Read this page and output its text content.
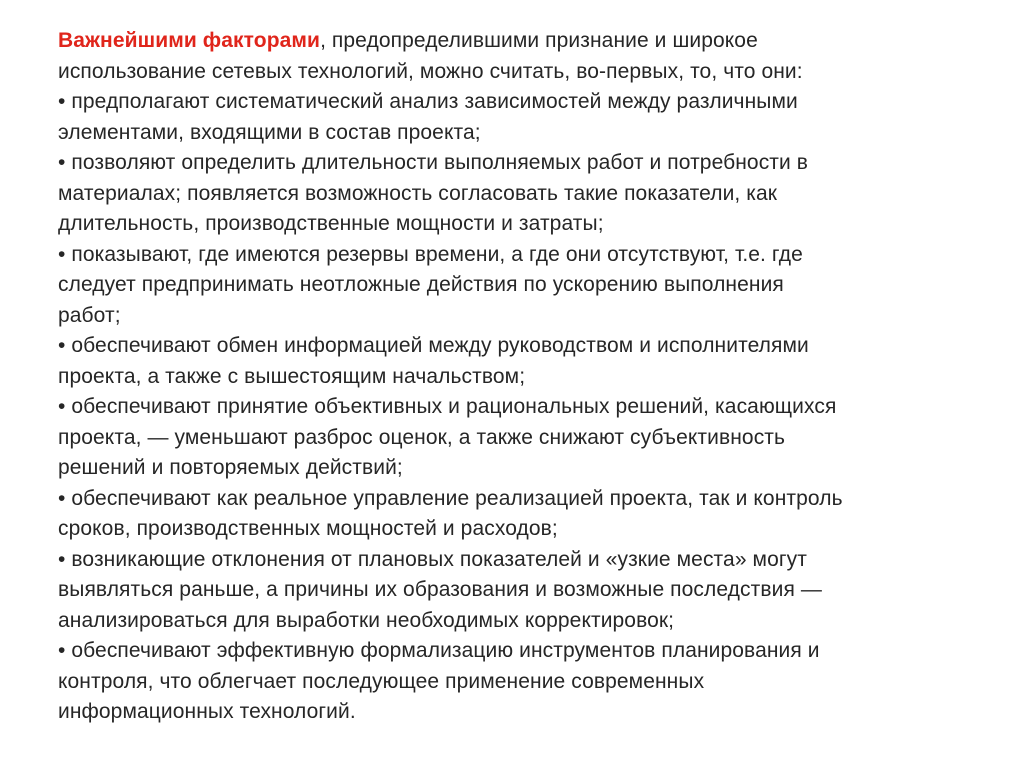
Важнейшими факторами, предопределившими признание и широкое
использование сетевых технологий, можно считать, во-первых, то, что они:
• предполагают систематический анализ зависимостей между различными
элементами, входящими в состав проекта;
• позволяют определить длительности выполняемых работ и потребности в
материалах; появляется возможность согласовать такие показатели, как
длительность, производственные мощности и затраты;
• показывают, где имеются резервы времени, а где они отсутствуют, т.е. где
следует предпринимать неотложные действия по ускорению выполнения
работ;
• обеспечивают обмен информацией между руководством и исполнителями
проекта, а также с вышестоящим начальством;
• обеспечивают принятие объективных и рациональных решений, касающихся
проекта, — уменьшают разброс оценок, а также снижают субъективность
решений и повторяемых действий;
• обеспечивают как реальное управление реализацией проекта, так и контроль
сроков, производственных мощностей и расходов;
• возникающие отклонения от плановых показателей и «узкие места» могут
выявляться раньше, а причины их образования и возможные последствия —
анализироваться для выработки необходимых корректировок;
• обеспечивают эффективную формализацию инструментов планирования и
контроля, что облегчает последующее применение современных
информационных технологий.
